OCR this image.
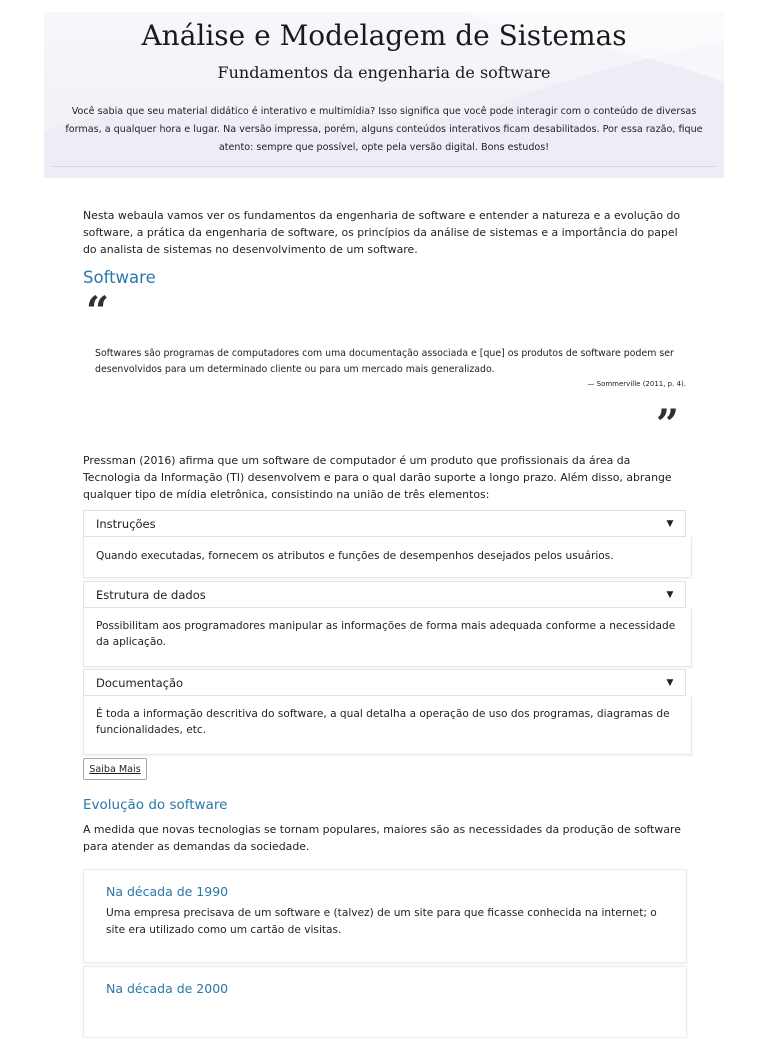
Análise e Modelagem de Sistemas
Fundamentos da engenharia de software
Você sabia que seu material didático é interativo e multimídia? Isso significa que você pode interagir com o conteúdo de diversas formas, a qualquer hora e lugar. Na versão impressa, porém, alguns conteúdos interativos ficam desabilitados. Por essa razão, fique atento: sempre que possível, opte pela versão digital. Bons estudos!

Nesta webaula vamos ver os fundamentos da engenharia de software e entender a natureza e a evolução do software, a prática da engenharia de software, os princípios da análise de sistemas e a importância do papel do analista de sistemas no desenvolvimento de um software.

Software
“
Softwares são programas de computadores com uma documentação associada e [que] os produtos de software podem ser desenvolvidos para um determinado cliente ou para um mercado mais generalizado.
— Sommerville (2011, p. 4).
”

Pressman (2016) afirma que um software de computador é um produto que profissionais da área da Tecnologia da Informação (TI) desenvolvem e para o qual darão suporte a longo prazo. Além disso, abrange qualquer tipo de mídia eletrônica, consistindo na união de três elementos:

Instruções	▼
Quando executadas, fornecem os atributos e funções de desempenhos desejados pelos usuários.
Estrutura de dados	▼
Possibilitam aos programadores manipular as informações de forma mais adequada conforme a necessidade da aplicação.
Documentação	▼
É toda a informação descritiva do software, a qual detalha a operação de uso dos programas, diagramas de funcionalidades, etc.
Saiba Mais
Evolução do software

A medida que novas tecnologias se tornam populares, maiores são as necessidades da produção de software para atender as demandas da sociedade.

Na década de 1990
Uma empresa precisava de um software e (talvez) de um site para que ficasse conhecida na internet; o site era utilizado como um cartão de visitas.
Na década de 2000
